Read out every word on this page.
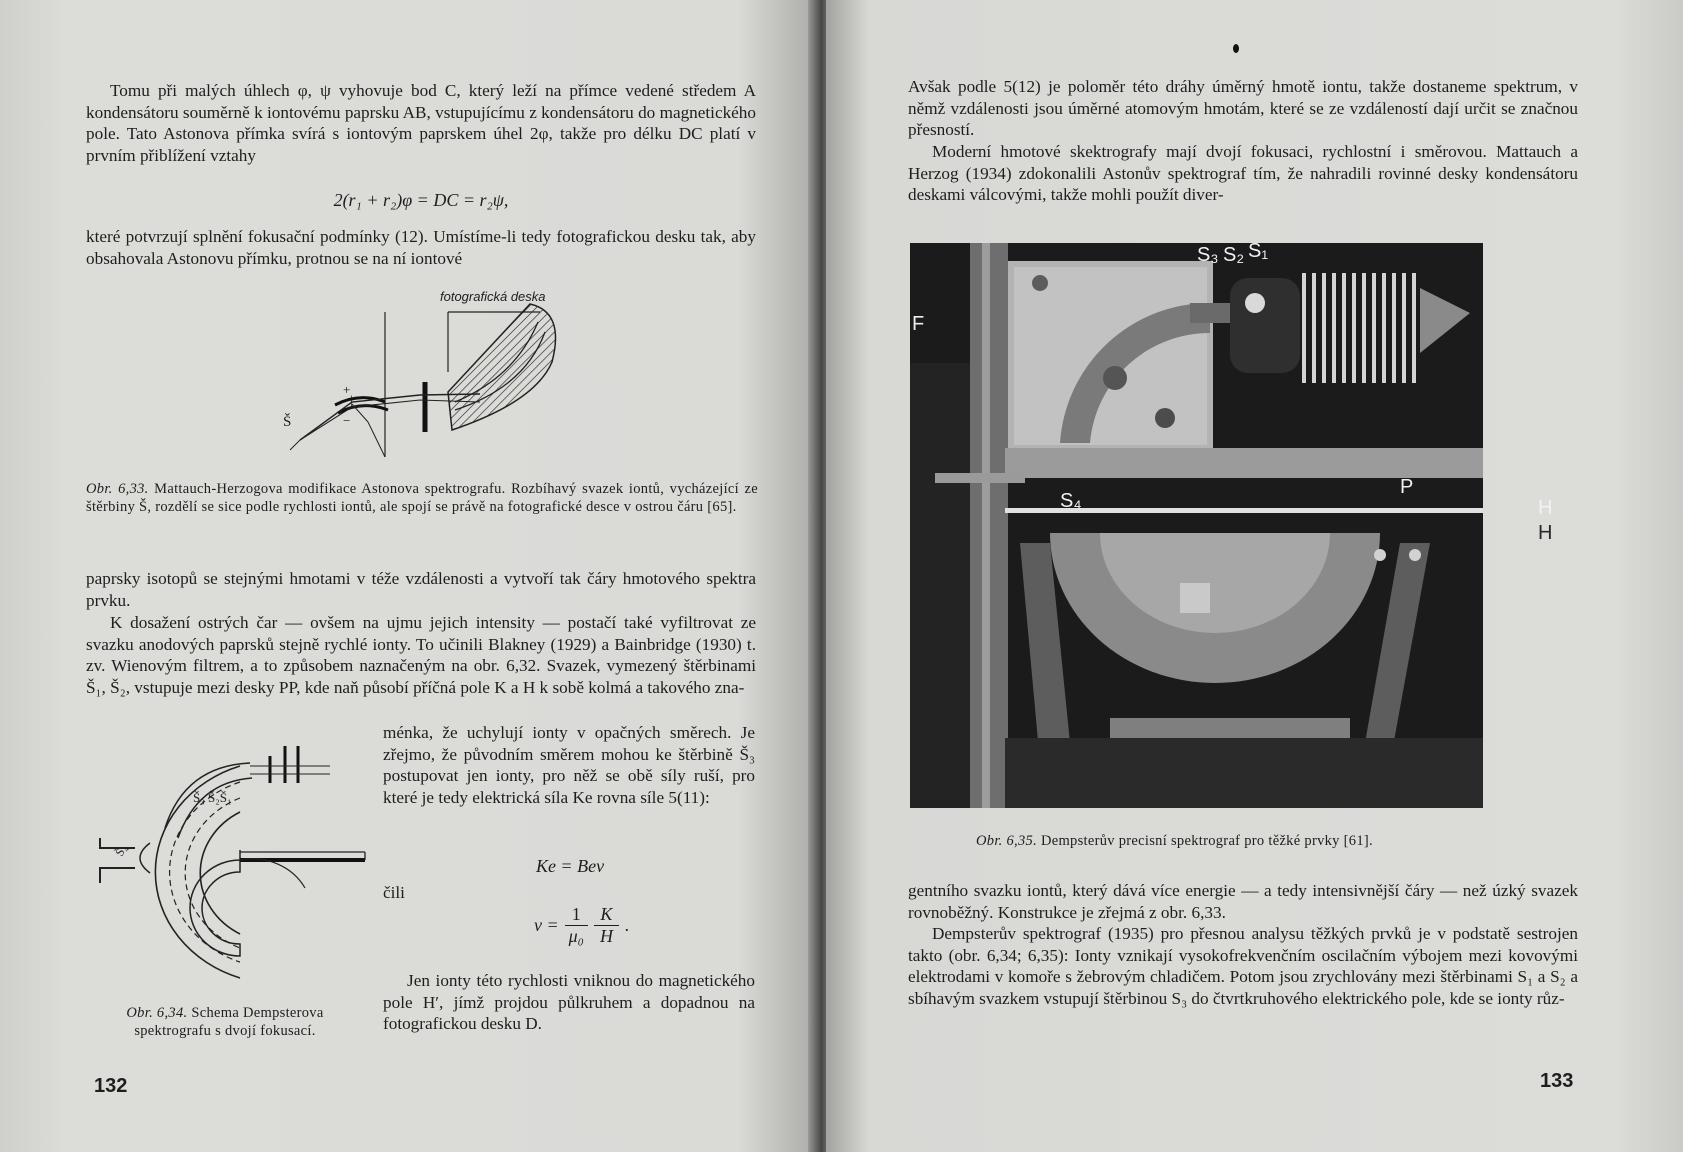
Tomu při malých úhlech φ, ψ vyhovuje bod C, který leží na přímce vedené středem A kondensátoru souměrně k iontovému paprsku AB, vstupujícímu z kondensátoru do magnetického pole. Tato Astonova přímka svírá s iontovým paprskem úhel 2φ, takže pro délku DC platí v prvním přiblížení vztahy

2(r₁ + r₂)φ = DC = r₂ψ,

které potvrzují splnění fokusační podmínky (12). Umístíme-li tedy fotografickou desku tak, aby obsahovala Astonovu přímku, protnou se na ní iontové

fotografická deska
+
|
−
Š
Obr. 6,33. Mattauch-Herzogova modifikace Astonova spektrografu. Rozbíhavý svazek iontů, vycházející ze štěrbiny Š, rozdělí se sice podle rychlosti iontů, ale spojí se právě na fotografické desce v ostrou čáru [65].

paprsky isotopů se stejnými hmotami v téže vzdálenosti a vytvoří tak čáry hmotového spektra prvku.

K dosažení ostrých čar — ovšem na ujmu jejich intensity — postačí také vyfiltrovat ze svazku anodových paprsků stejně rychlé ionty. To učinili Blakney (1929) a Bainbridge (1930) t. zv. Wienovým filtrem, a to způsobem naznačeným na obr. 6,32. Svazek, vymezený štěrbinami Š₁, Š₂, vstupuje mezi desky PP, kde naň působí příčná pole K a H k sobě kolmá a takového zna-

ménka, že uchylují ionty v opačných směrech. Je zřejmo, že původním směrem mohou ke štěrbině Š₃ postupovat jen ionty, pro něž se obě síly ruší, pro které je tedy elektrická síla Ke rovna síle 5(11):

Š₃ Š₂Š₁
Š₄
Ke = Bev

čili

$v = \frac{1}{\text{μ₀}} \frac{K}{H}$ .

Jen ionty této rychlosti vniknou do magnetického pole H′, jímž projdou půlkruhem a dopadnou na fotografickou desku D.

Obr. 6,34. Schema Dempsterova spektrografu s dvojí fokusací.
132

Avšak podle 5(12) je poloměr této dráhy úměrný hmotě iontu, takže dostaneme spektrum, v němž vzdálenosti jsou úměrné atomovým hmotám, které se ze vzdáleností dají určit se značnou přesností.

Moderní hmotové skektrografy mají dvojí fokusaci, rychlostní i směrovou. Mattauch a Herzog (1934) zdokonalili Astonův spektrograf tím, že nahradili rovinné desky kondensátoru deskami válcovými, takže mohli použít diver-

S₃ S₂ S₁
F
S₄
P
H
H
Obr. 6,35. Dempsterův precisní spektrograf pro těžké prvky [61].

gentního svazku iontů, který dává více energie — a tedy intensivnější čáry — než úzký svazek rovnoběžný. Konstrukce je zřejmá z obr. 6,33.

Dempsterův spektrograf (1935) pro přesnou analysu těžkých prvků je v podstatě sestrojen takto (obr. 6,34; 6,35): Ionty vznikají vysokofrekvenčním oscilačním výbojem mezi kovovými elektrodami v komoře s žebrovým chladičem. Potom jsou zrychlovány mezi štěrbinami S₁ a S₂ a sbíhavým svazkem vstupují štěrbinou S₃ do čtvrtkruhového elektrického pole, kde se ionty růz-

133
